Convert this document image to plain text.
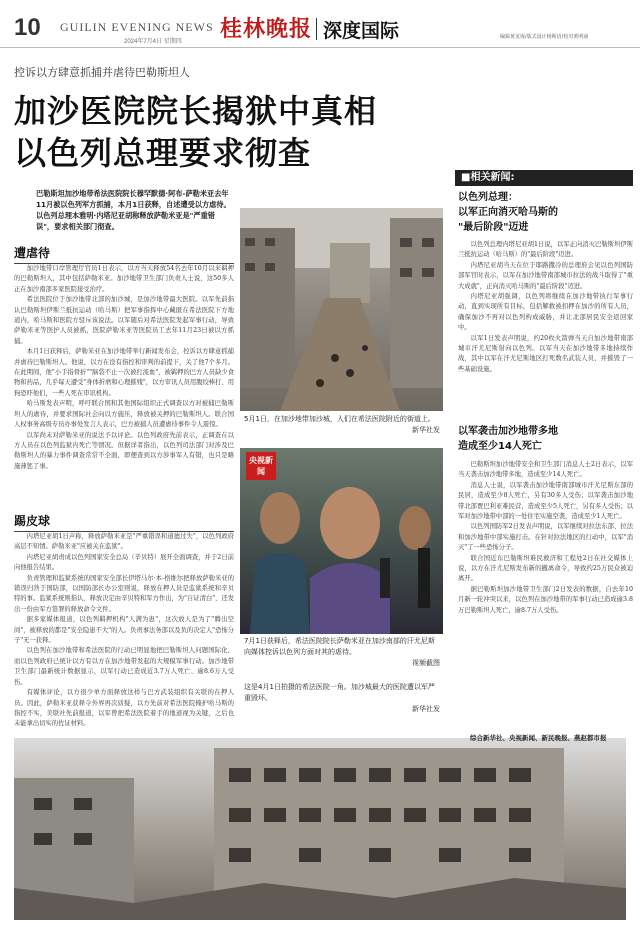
10 GUILIN EVENING NEWS
2024年7月4日 星期四 桂林晚报 深度国际	编辑黄龙琢/版式设计杨斯语/校对黄明丽
控诉以方肆意抓捕并虐待巴勒斯坦人
加沙医院院长揭狱中真相
以色列总理要求彻查
巴勒斯坦加沙地带希法医院院长穆罕默德·阿布-萨勒米亚去年11月被以色列军方抓捕，本月1日获释，自述遭受以方虐待。以色列总理本雅明·内塔尼亚胡称释放萨勒米亚是"严重错误"，要求相关部门彻查。
遭虐待

加沙地带口岸管理厅官员1日表示，以方当天释放54名去年10月以来羁押的巴勒斯坦人，其中包括萨勒米亚。加沙地带卫生部门负责人士说，这50多人正在加沙南部多家医院接受治疗。

希法医院位于加沙地带北部的加沙城，是加沙地带最大医院。以军先前指认巴勒斯坦伊斯兰抵抗运动（哈马斯）把军事指挥中心藏匿在希法医院下方地道内，哈马斯和医院方驳斥该说法。以军随后对希法医院发起军事行动，导致萨勒米亚等医护人员被抓，医院萨勒米亚等医院员工去年11月23日被以方抓捕。

本月1日获释后，萨勒米亚在加沙地带举行新闻发布会，控诉以方肆意抓捕并虐待巴勒斯坦人。他说，以方在没有指控和审判的前提下，关了他7个多月。在此期间，他"小手指骨折""脑袋不止一次被打流血"，被羁押的巴方人员缺少食物和药品，几乎每天遭受"身体折磨和心理摧残"，以方审讯人员用腹绞棒打、用狗恐吓他们，一些人死在审讯机构。

哈马斯发表声明，呼吁联合国和其他国际组织正式调查以方对被捕巴勒斯坦人的虐待，并要求国际社会向以方施压，释放被关押的巴勒斯坦人。联合国人权事务高级专员办事处发言人表示，巴方被捕人员遭虐待事件令人震惊。

以军尚未对萨勒米亚的说法予以评论。以色列政府先前表示，正调查在以方人员在以色列监狱内死亡等情况。但据详者指出，以色列司法部门对涉及巴勒斯坦人的暴力事件调查常常不全面，即便查到以方涉事军人有错，也只是略施薄惩了事。

踢皮球

内塔尼亚胡1日声称，释放萨勒米亚是"严重错误和道德过失"，以色列政府高层不知情。萨勒米亚"应被关在监狱"。

内塔尼亚胡责成以色列国家安全总局（辛贝特）展开全面调查，并于2日前向他报告结果。

负责管理和监狱系统的国家安全部长伊塔马尔·本-格维尔把释放萨勒米亚的错误归咎于国防部，以国防部长办公室则说，释放在押人员是监狱系统和辛贝特的事。监狱系统则指认，释放决定由辛贝特和军方作出，为"自证清白"，还发出一份由军方签署的释放命令文件。

据多家媒体报道，以色列羁押机构"人满为患"，这次放人是为了"腾出空间"，被释放的都是"安全隐患不大"的人。负责事法务部以及负的决定人"恐怖分子"无一获释。

以色列在加沙地带和希法医院的行动已明显地把巴勒斯坦人问题国际化，而以色列政府已统计以方有以方在加沙地带发起的大规模军事行动。加沙地带卫生部门最新统计数据显示，以军行动已造成近3.7万人死亡、逾8.6万人受伤。

有媒体评论，以方很少单方面释放这样与巴方武装组织有关联的在押人员。因此，萨勒米亚获释令外界再次质疑，以方先前对希法医院掩护哈马斯的指控不实，美联社先前报道，以军曾把希法医院着手的地道视为关键，之后也未能拿出切实的佐证材料。

5月1日，在加沙地带加沙城，人们在希法医院附近的街道上。
新华社发
央视新闻
7月1日获释后，希法医院院长萨勒米亚在加沙南部的汗尤尼斯向媒体控诉以色列方面对其的虐待。
视频截图
这是4月1日拍摄的希法医院一角。加沙城最大的医院遭以军严重毁坏。
新华社发
■相关新闻:
以色列总理：
以军正向消灭哈马斯的
"最后阶段"迈进

以色列总理内塔尼亚胡1日说，以军正向消灭巴勒斯坦伊斯兰抵抗运动（哈马斯）的"最后阶段"迈进。

内塔尼亚胡当天在位于耶路撒冷的总理府会见以色列国防部军官时表示，以军在加沙地带南部城市拉法的战斗取得了"重大成就"，正向消灭哈马斯的"最后阶段"迈进。

内塔尼亚胡强调，以色列将继续在加沙地带执行军事行动，直到实现所有目标，包括解救被扣押在加沙的所有人员，确保加沙不再对以色列构成威胁，并让北部居民安全返回家中。

以军1日发表声明说，约20枚火箭弹当天自加沙地带南部城市汗尤尼斯射向以色列。以军当天在加沙地带多地持续作战，其中以军在汗尤尼斯地区打死数名武装人员，并摧毁了一些基础设施。

以军袭击加沙地带多地
造成至少14人死亡

巴勒斯坦加沙地带安全和卫生部门消息人士2日表示，以军当天袭击加沙地带多地，造成至少14人死亡。

消息人士说，以军袭击加沙地带南部城市汗尤尼斯东部的民居，造成至少8人死亡，另有30多人受伤；以军袭击加沙地带北部贾巴利亚难民营，造成至少5人死亡，另有多人受伤；以军对加沙地带中部的一处住宅实施空袭，造成至少1人死亡。

以色列国防军2日发表声明说，以军继续对拉法东部、拉法和加沙地带中部实施打击。在针对拉法地区的行动中，以军"消灭"了一些恐怖分子。

联合国近东巴勒斯坦难民救济和工程处2日在社交媒体上说，以方在汗尤尼斯发布新的撤离命令，导致约25万民众被迫离开。

据巴勒斯坦加沙地带卫生部门2日发表的数据，自去年10月新一轮冲突以来，以色列在加沙地带的军事行动已造成逾3.8万巴勒斯坦人死亡，逾8.7万人受伤。

综合新华社、央视新闻、新民晚报、燕赵都市报
